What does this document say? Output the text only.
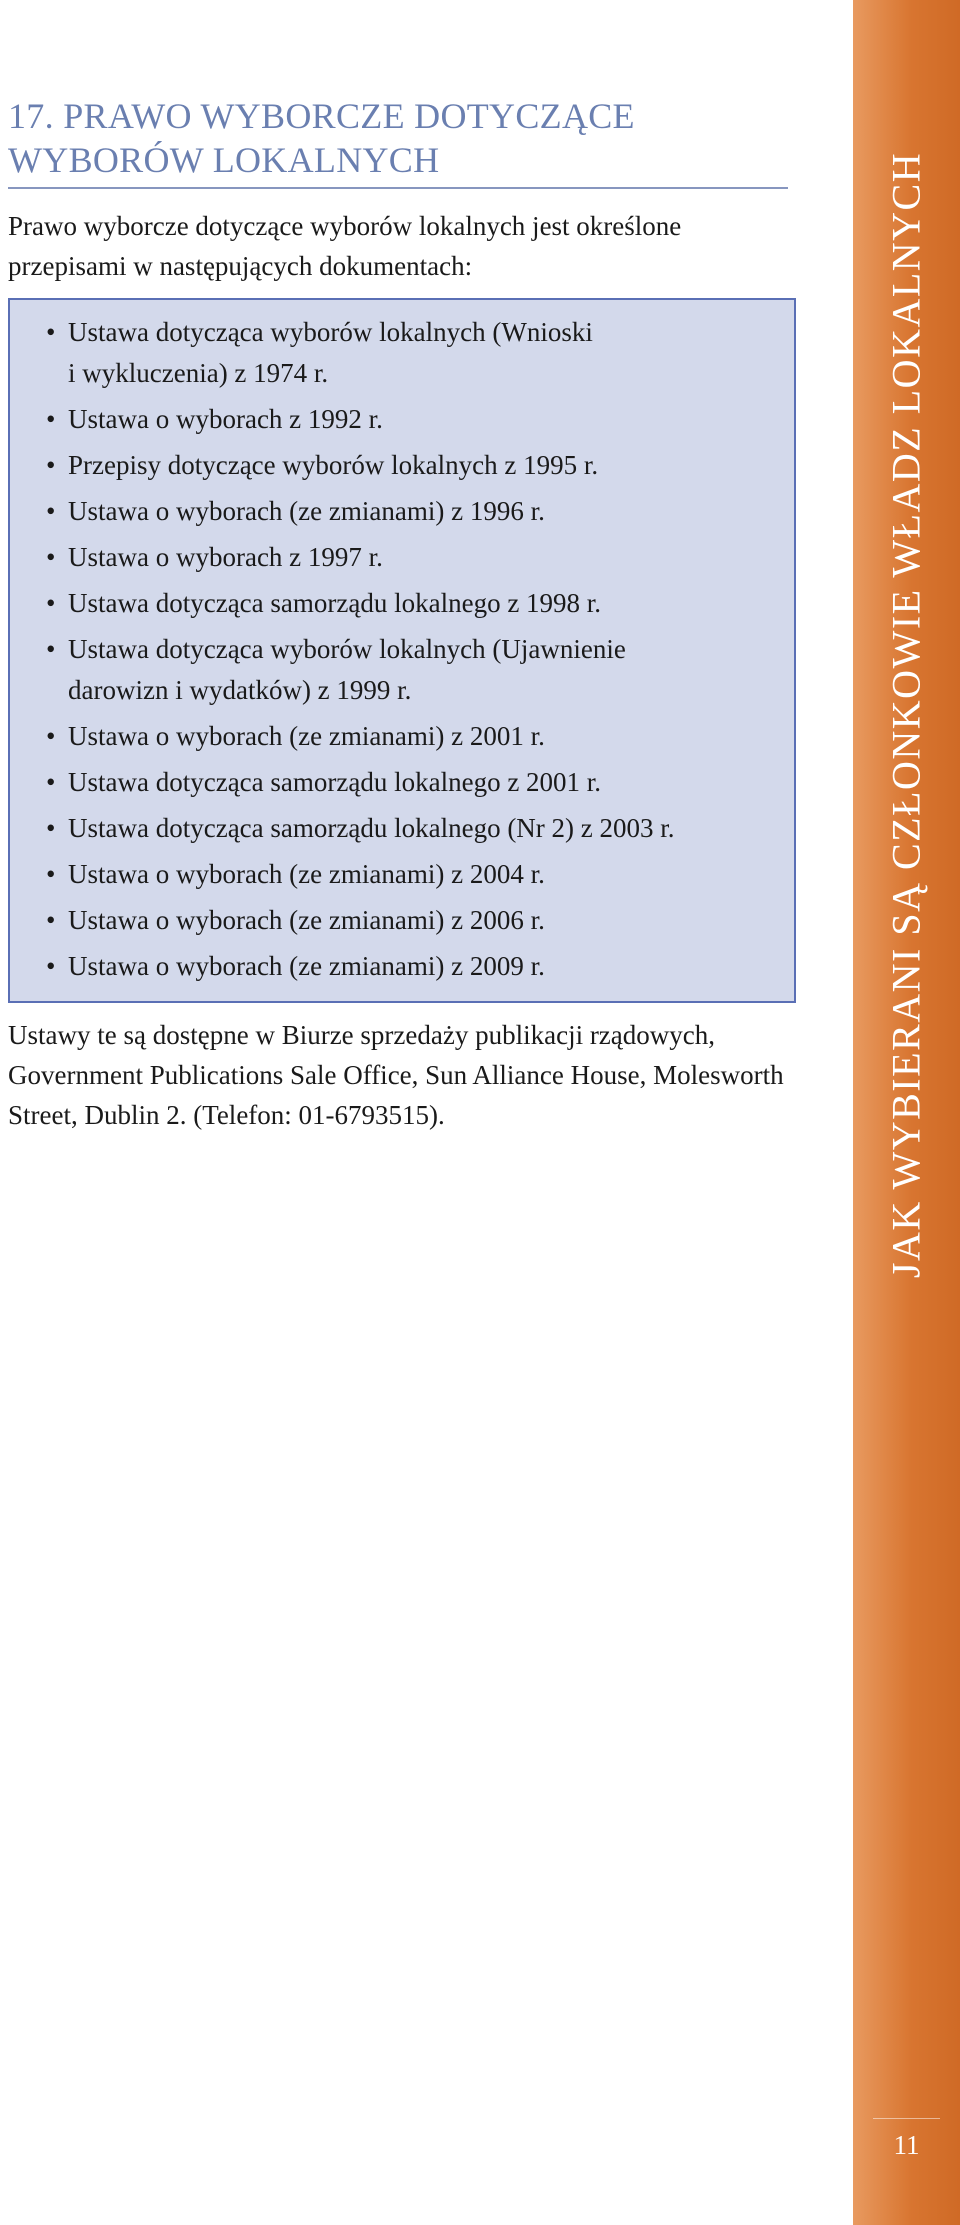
17. PRAWO WYBORCZE DOTYCZĄCE
WYBORÓW LOKALNYCH

Prawo wyborcze dotyczące wyborów lokalnych jest określone przepisami w następujących dokumentach:

• Ustawa dotycząca wyborów lokalnych (Wnioski
i wykluczenia) z 1974 r.
• Ustawa o wyborach z 1992 r.
• Przepisy dotyczące wyborów lokalnych z 1995 r.
• Ustawa o wyborach (ze zmianami) z 1996 r.
• Ustawa o wyborach z 1997 r.
• Ustawa dotycząca samorządu lokalnego z 1998 r.
• Ustawa dotycząca wyborów lokalnych (Ujawnienie
darowizn i wydatków) z 1999 r.
• Ustawa o wyborach (ze zmianami) z 2001 r.
• Ustawa dotycząca samorządu lokalnego z 2001 r.
• Ustawa dotycząca samorządu lokalnego (Nr 2) z 2003 r.
• Ustawa o wyborach (ze zmianami) z 2004 r.
• Ustawa o wyborach (ze zmianami) z 2006 r.
• Ustawa o wyborach (ze zmianami) z 2009 r.

Ustawy te są dostępne w Biurze sprzedaży publikacji rządowych, Government Publications Sale Office, Sun Alliance House, Molesworth Street, Dublin 2. (Telefon: 01-6793515).	JAK WYBIERANI SĄ CZŁONKOWIE WŁADZ LOKALNYCH
11
